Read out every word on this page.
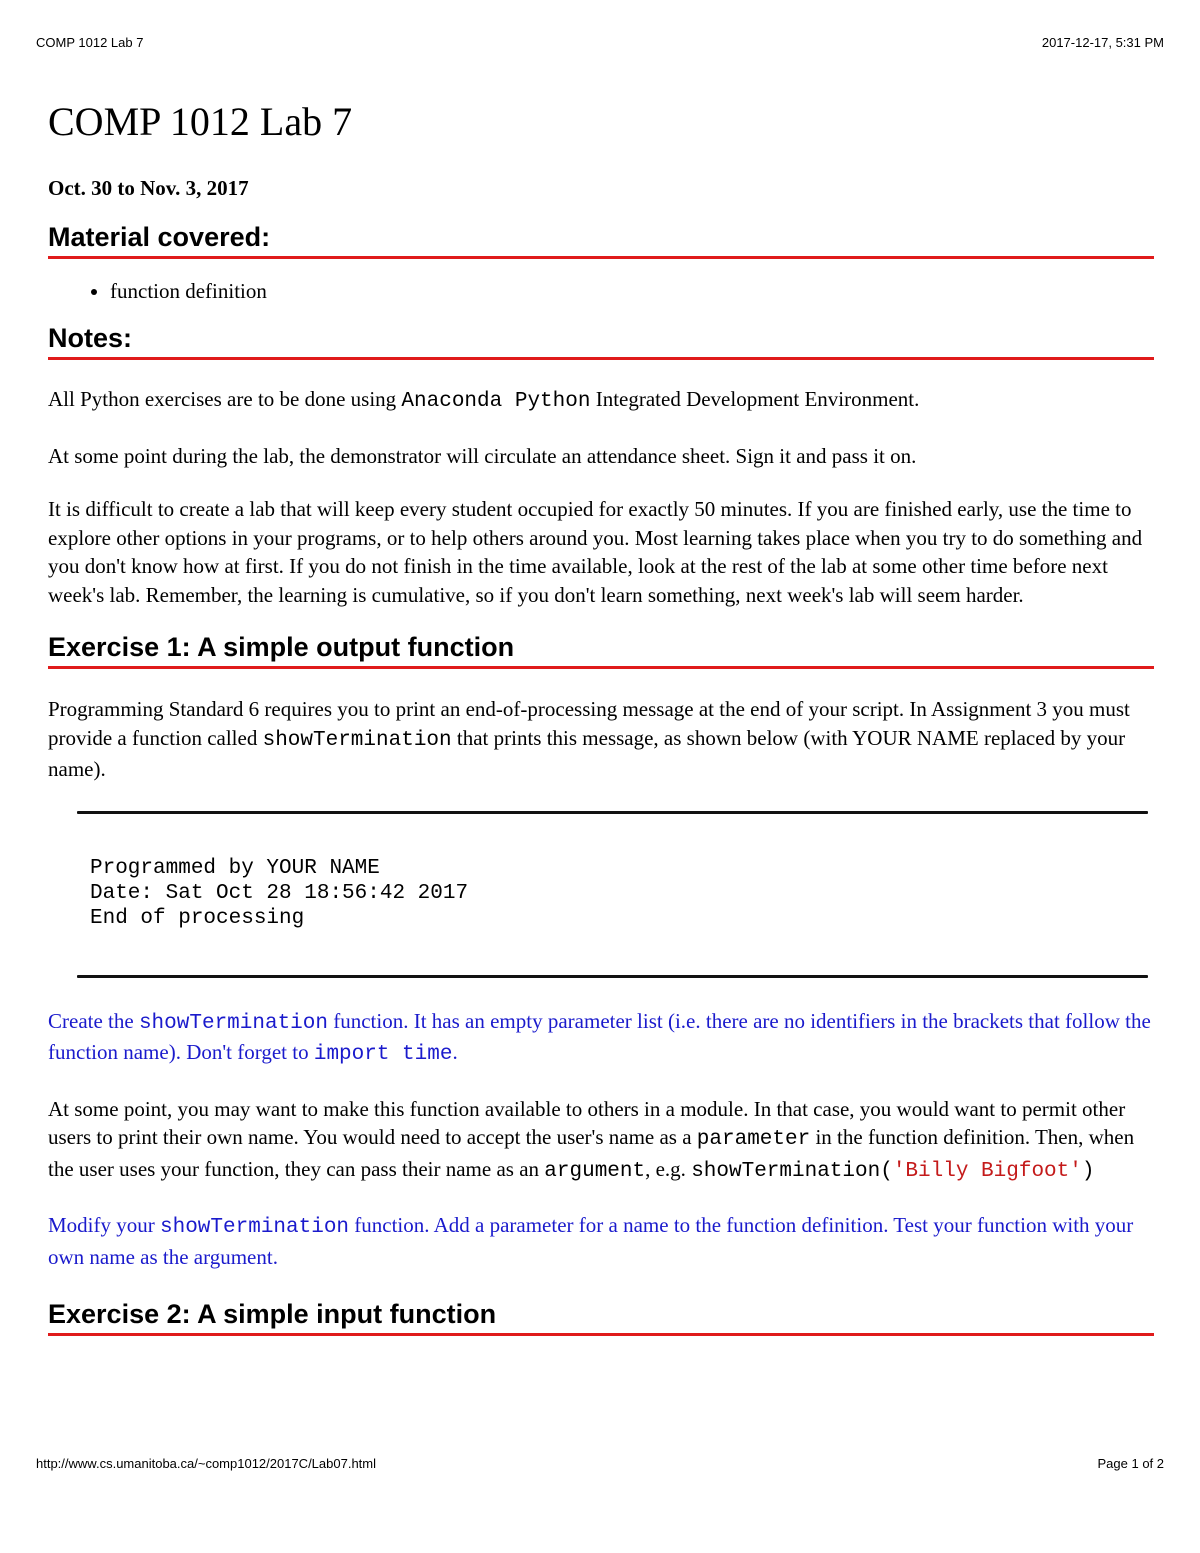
COMP 1012 Lab 7	2017-12-17, 5:31 PM
COMP 1012 Lab 7
Oct. 30 to Nov. 3, 2017
Material covered:
• function definition
Notes:

All Python exercises are to be done using Anaconda Python Integrated Development Environment.

At some point during the lab, the demonstrator will circulate an attendance sheet. Sign it and pass it on.

It is difficult to create a lab that will keep every student occupied for exactly 50 minutes. If you are finished early, use the time to explore other options in your programs, or to help others around you. Most learning takes place when you try to do something and you don't know how at first. If you do not finish in the time available, look at the rest of the lab at some other time before next week's lab. Remember, the learning is cumulative, so if you don't learn something, next week's lab will seem harder.

Exercise 1: A simple output function

Programming Standard 6 requires you to print an end-of-processing message at the end of your script. In Assignment 3 you must provide a function called showTermination that prints this message, as shown below (with YOUR NAME replaced by your name).

Programmed by YOUR NAME
Date: Sat Oct 28 18:56:42 2017
End of processing

Create the showTermination function. It has an empty parameter list (i.e. there are no identifiers in the brackets that follow the function name). Don't forget to import time.

At some point, you may want to make this function available to others in a module. In that case, you would want to permit other users to print their own name. You would need to accept the user's name as a parameter in the function definition. Then, when the user uses your function, they can pass their name as an argument, e.g. showTermination('Billy Bigfoot')

Modify your showTermination function. Add a parameter for a name to the function definition. Test your function with your own name as the argument.

Exercise 2: A simple input function
http://www.cs.umanitoba.ca/~comp1012/2017C/Lab07.html	Page 1 of 2
